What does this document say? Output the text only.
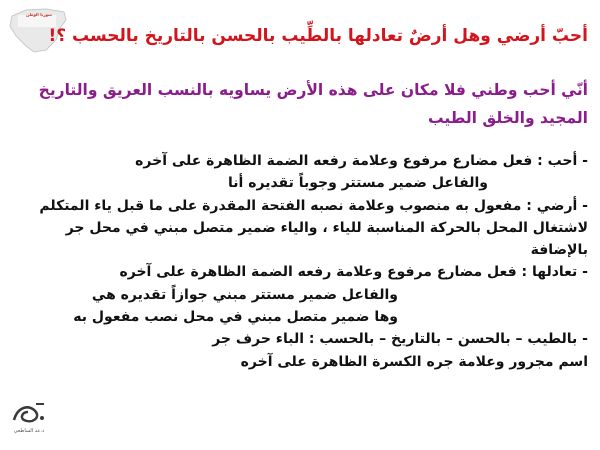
سوريا الوطن
أحبّ أرضي وهل أرضٌ تعادلها بالطِّيب بالحسن بالتاريخ بالحسب ؟!

أنّي أحب وطني فلا مكان على هذه الأرض يساويه بالنسب العريق والتاريخ المجيد والخلق الطيب

- أحب : فعل مضارع مرفوع وعلامة رفعه الضمة الظاهرة على آخره
والفاعل ضمير مستتر وجوباً تقديره أنا
- أرضي : مفعول به منصوب وعلامة نصبه الفتحة المقدرة على ما قبل ياء المتكلم لاشتغال المحل بالحركة المناسبة للياء ، والياء ضمير متصل مبني في محل جر بالإضافة
- تعادلها : فعل مضارع مرفوع وعلامة رفعه الضمة الظاهرة على آخره
والفاعل ضمير مستتر مبني جوازاً تقديره هي
وها ضمير متصل مبني في محل نصب مفعول به
- بالطيب – بالحسن – بالتاريخ – بالحسب : الباء حرف جر
اسم مجرور وعلامة جره الكسرة الظاهرة على آخره
د.عد الساطعي
